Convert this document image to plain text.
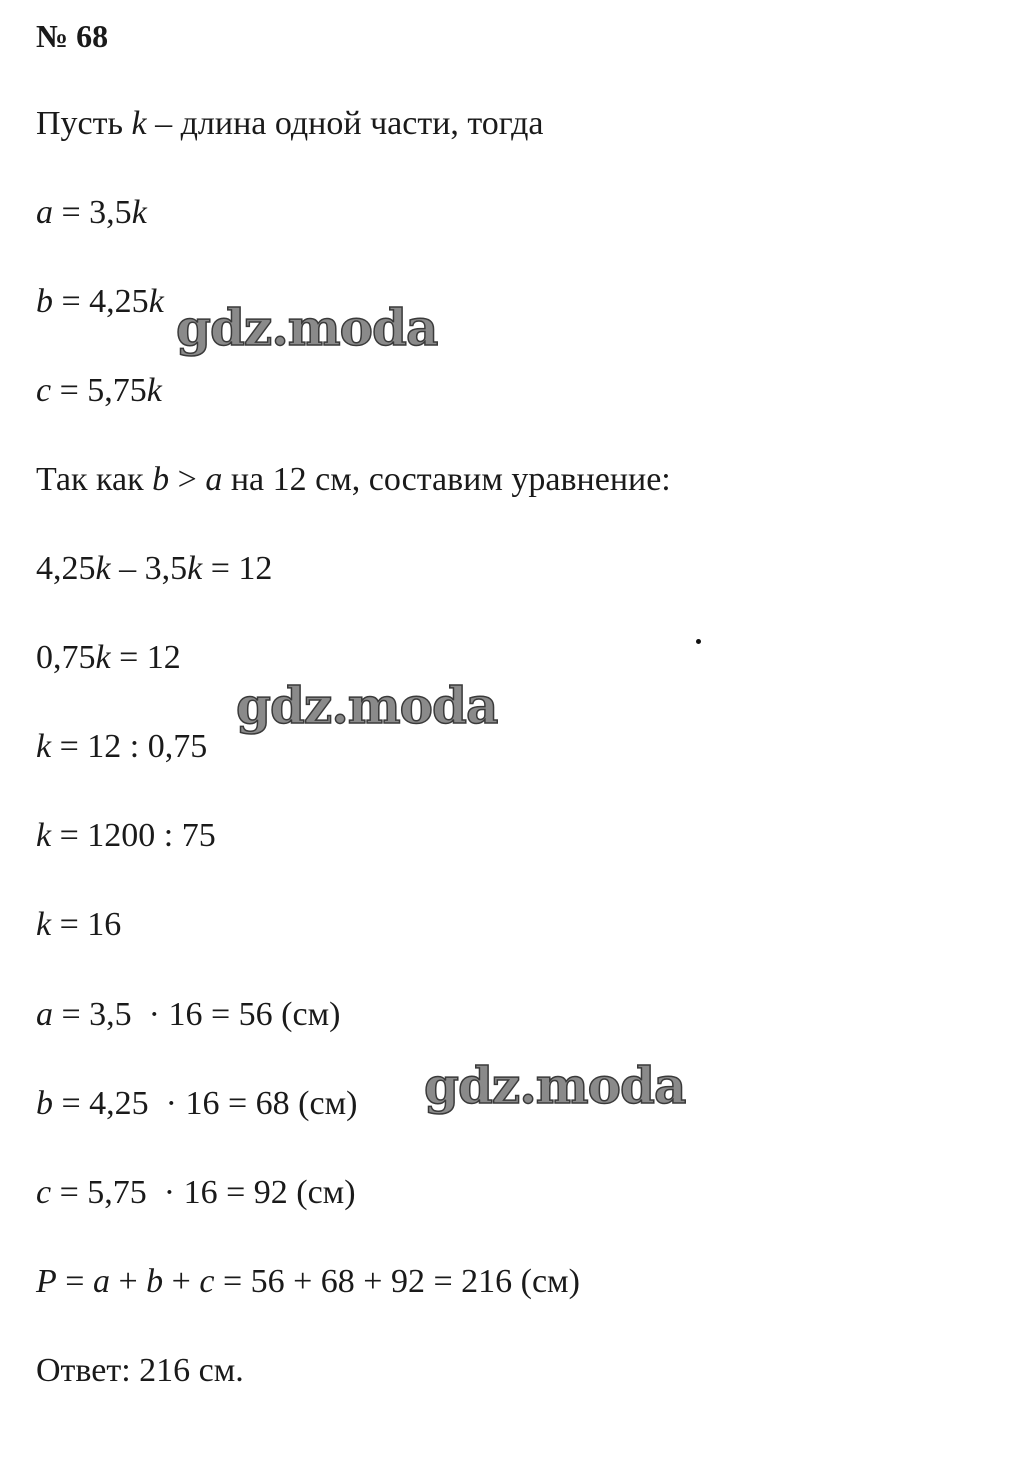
№ 68
Пусть k – длина одной части, тогда
a = 3,5k
b = 4,25k
c = 5,75k
Так как b > a на 12 см, составим уравнение:
4,25k – 3,5k = 12
0,75k = 12
k = 12 : 0,75
k = 1200 : 75
k = 16
a = 3,5  · 16 = 56 (см)
b = 4,25  · 16 = 68 (см)
c = 5,75  · 16 = 92 (см)
P = a + b + c = 56 + 68 + 92 = 216 (см)
Ответ: 216 см.
gdz.moda
gdz.moda
gdz.moda
